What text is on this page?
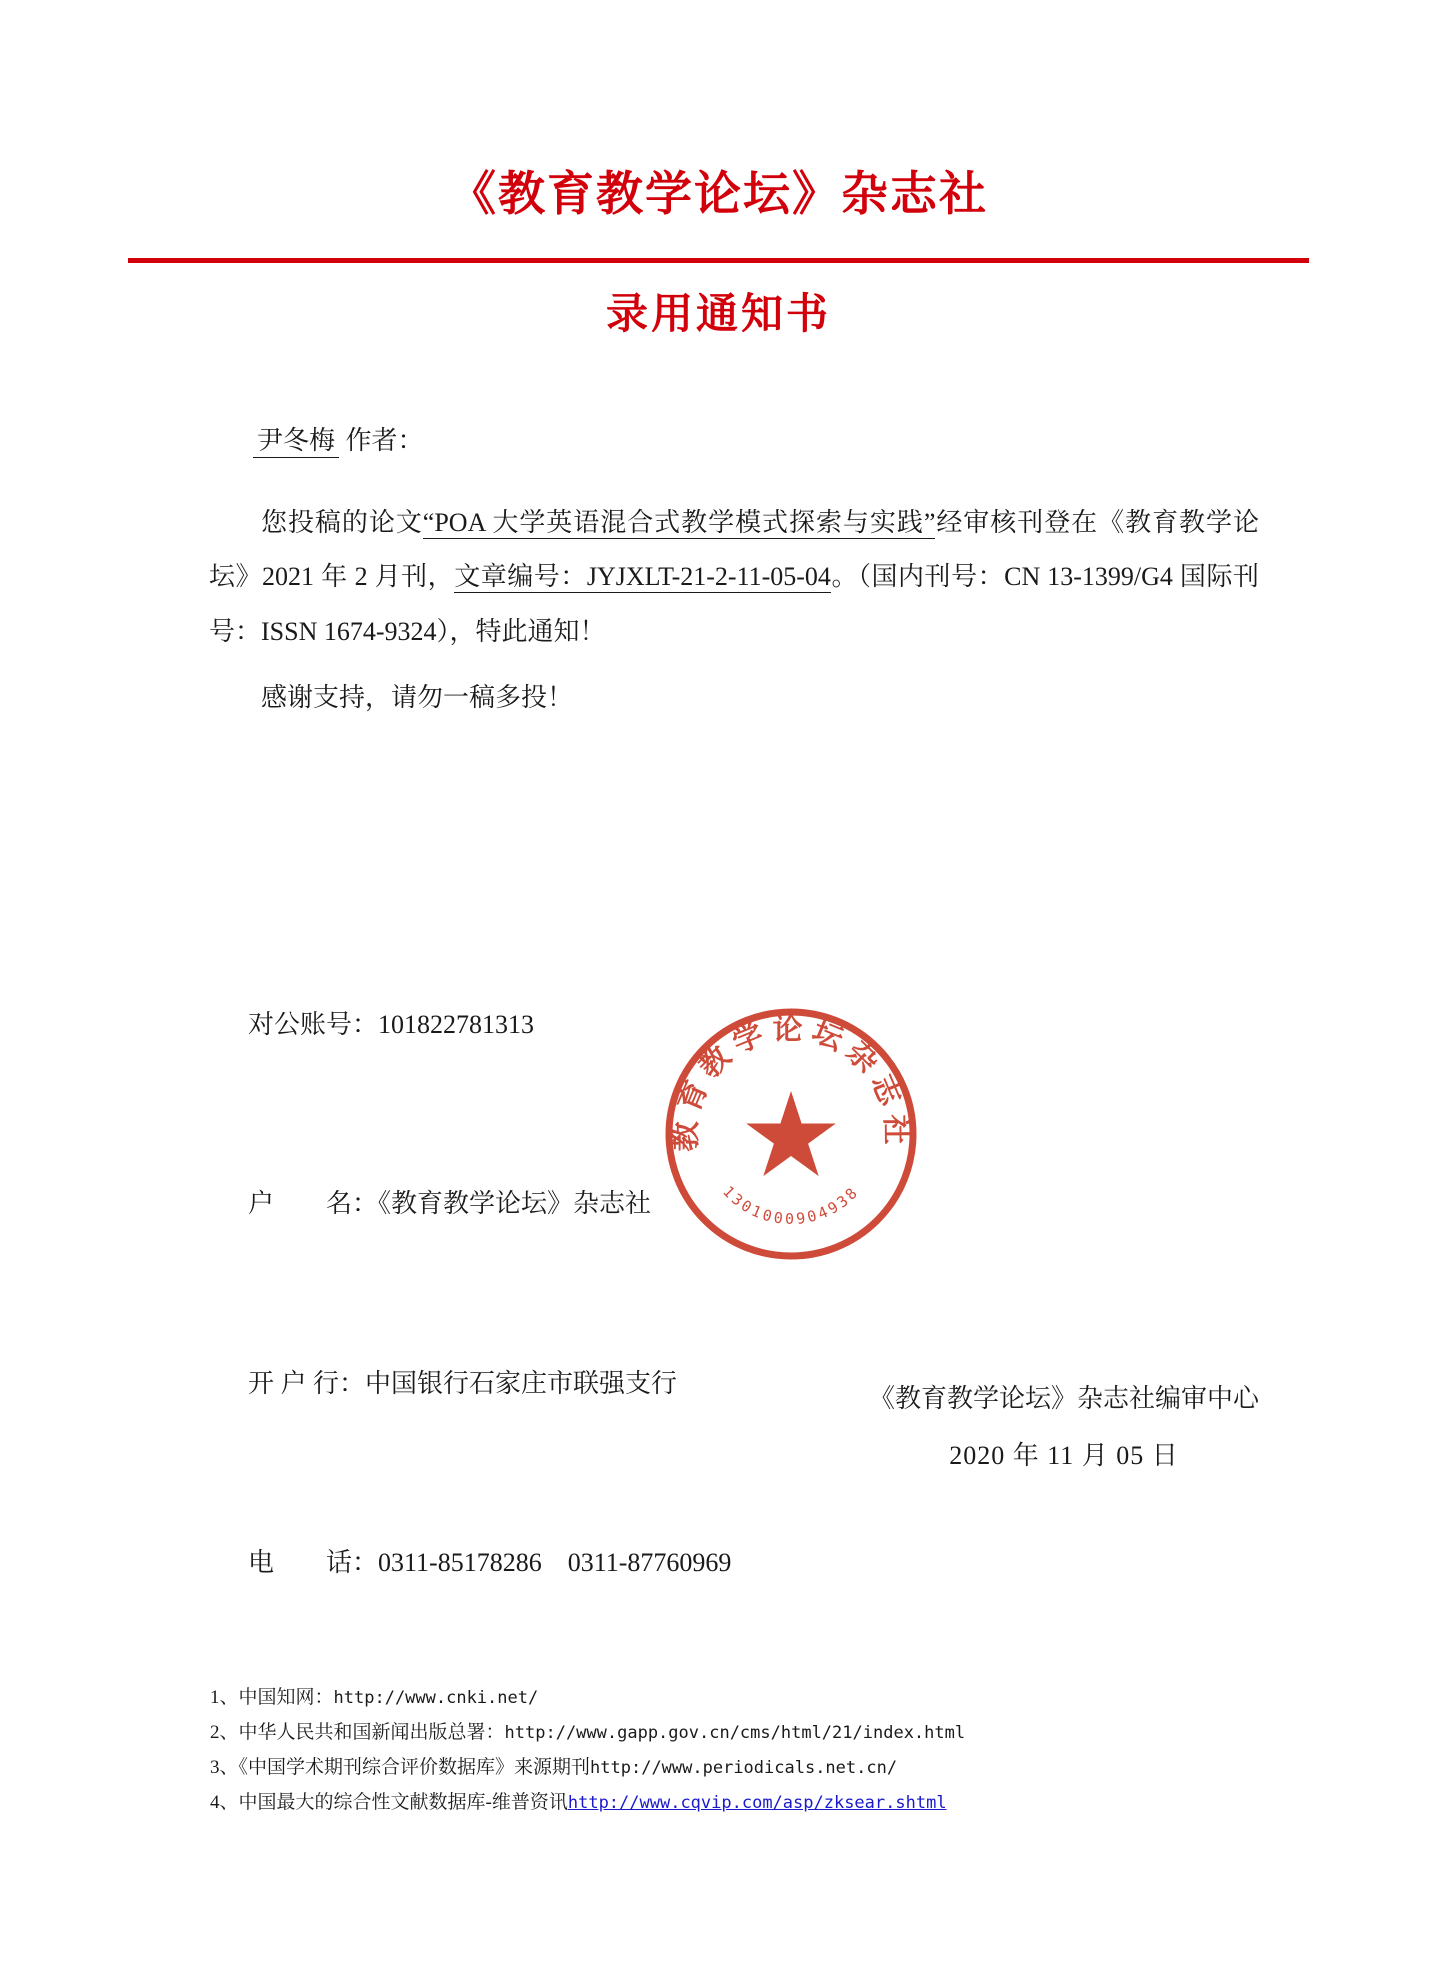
《教育教学论坛》杂志社
录用通知书

尹冬梅 作者：

您投稿的论文“POA 大学英语混合式教学模式探索与实践”经审核刊登在《教育教学论坛》2021 年 2 月刊，文章编号：JYJXLT-21-2-11-05-04。（国内刊号：CN 13-1399/G4 国际刊号：ISSN 1674-9324），特此通知！

感谢支持，请勿一稿多投！

对公账号：101822781313

户　　名：《教育教学论坛》杂志社

开 户 行：中国银行石家庄市联强支行

电　　话：0311-85178286　0311-87760969

教育教学论坛杂志社
1301000904938
《教育教学论坛》杂志社编审中心
2020 年 11 月 05 日
1、中国知网：http://www.cnki.net/
2、中华人民共和国新闻出版总署：http://www.gapp.gov.cn/cms/html/21/index.html
3、《中国学术期刊综合评价数据库》来源期刊http://www.periodicals.net.cn/
4、中国最大的综合性文献数据库-维普资讯http://www.cqvip.com/asp/zksear.shtml
